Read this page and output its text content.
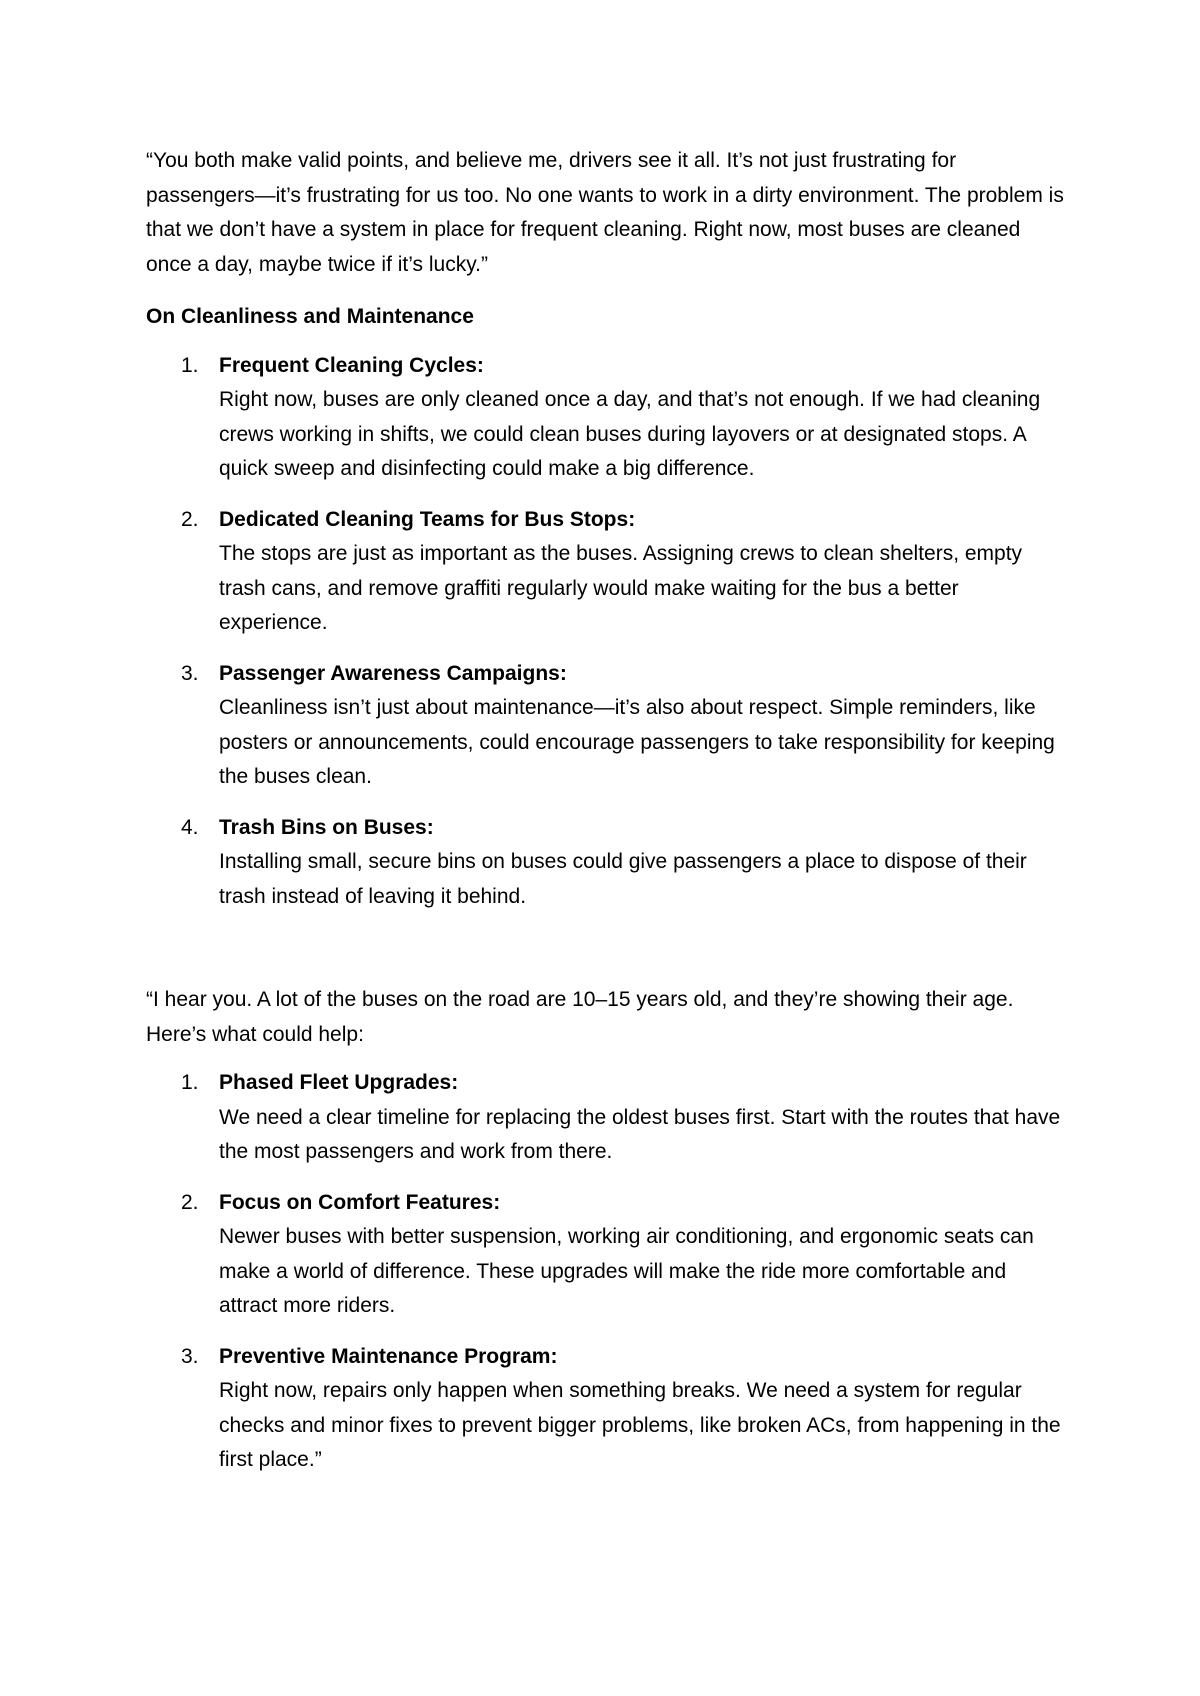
“You both make valid points, and believe me, drivers see it all. It’s not just frustrating for passengers—it’s frustrating for us too. No one wants to work in a dirty environment. The problem is that we don’t have a system in place for frequent cleaning. Right now, most buses are cleaned once a day, maybe twice if it’s lucky.”

On Cleanliness and Maintenance

1. Frequent Cleaning Cycles:
Right now, buses are only cleaned once a day, and that’s not enough. If we had cleaning crews working in shifts, we could clean buses during layovers or at designated stops. A quick sweep and disinfecting could make a big difference.
2. Dedicated Cleaning Teams for Bus Stops:
The stops are just as important as the buses. Assigning crews to clean shelters, empty trash cans, and remove graffiti regularly would make waiting for the bus a better experience.
3. Passenger Awareness Campaigns:
Cleanliness isn’t just about maintenance—it’s also about respect. Simple reminders, like posters or announcements, could encourage passengers to take responsibility for keeping the buses clean.
4. Trash Bins on Buses:
Installing small, secure bins on buses could give passengers a place to dispose of their trash instead of leaving it behind.

“I hear you. A lot of the buses on the road are 10–15 years old, and they’re showing their age. Here’s what could help:

1. Phased Fleet Upgrades:
We need a clear timeline for replacing the oldest buses first. Start with the routes that have the most passengers and work from there.
2. Focus on Comfort Features:
Newer buses with better suspension, working air conditioning, and ergonomic seats can make a world of difference. These upgrades will make the ride more comfortable and attract more riders.
3. Preventive Maintenance Program:
Right now, repairs only happen when something breaks. We need a system for regular checks and minor fixes to prevent bigger problems, like broken ACs, from happening in the first place.”
